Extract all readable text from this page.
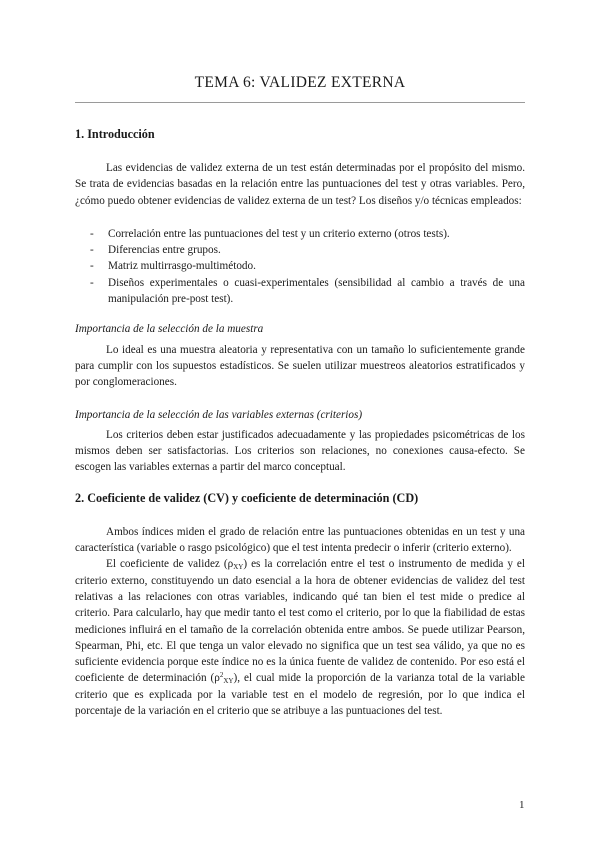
TEMA 6: VALIDEZ EXTERNA
1. Introducción

Las evidencias de validez externa de un test están determinadas por el propósito del mismo. Se trata de evidencias basadas en la relación entre las puntuaciones del test y otras variables. Pero, ¿cómo puedo obtener evidencias de validez externa de un test? Los diseños y/o técnicas empleados:

- Correlación entre las puntuaciones del test y un criterio externo (otros tests).
- Diferencias entre grupos.
- Matriz multirrasgo-multimétodo.
- Diseños experimentales o cuasi-experimentales (sensibilidad al cambio a través de una manipulación pre-post test).

Importancia de la selección de la muestra

Lo ideal es una muestra aleatoria y representativa con un tamaño lo suficientemente grande para cumplir con los supuestos estadísticos. Se suelen utilizar muestreos aleatorios estratificados y por conglomeraciones.

Importancia de la selección de las variables externas (criterios)

Los criterios deben estar justificados adecuadamente y las propiedades psicométricas de los mismos deben ser satisfactorias. Los criterios son relaciones, no conexiones causa-efecto. Se escogen las variables externas a partir del marco conceptual.

2. Coeficiente de validez (CV) y coeficiente de determinación (CD)

Ambos índices miden el grado de relación entre las puntuaciones obtenidas en un test y una característica (variable o rasgo psicológico) que el test intenta predecir o inferir (criterio externo).

El coeficiente de validez $(\rho_{XY})$ es la correlación entre el test o instrumento de medida y el criterio externo, constituyendo un dato esencial a la hora de obtener evidencias de validez del test relativas a las relaciones con otras variables, indicando qué tan bien el test mide o predice al criterio. Para calcularlo, hay que medir tanto el test como el criterio, por lo que la fiabilidad de estas mediciones influirá en el tamaño de la correlación obtenida entre ambos. Se puede utilizar Pearson, Spearman, Phi, etc. El que tenga un valor elevado no significa que un test sea válido, ya que no es suficiente evidencia porque este índice no es la única fuente de validez de contenido. Por eso está el coeficiente de determinación $(\rho^2_{XY})$, el cual mide la proporción de la varianza total de la variable criterio que es explicada por la variable test en el modelo de regresión, por lo que indica el porcentaje de la variación en el criterio que se atribuye a las puntuaciones del test.

1
